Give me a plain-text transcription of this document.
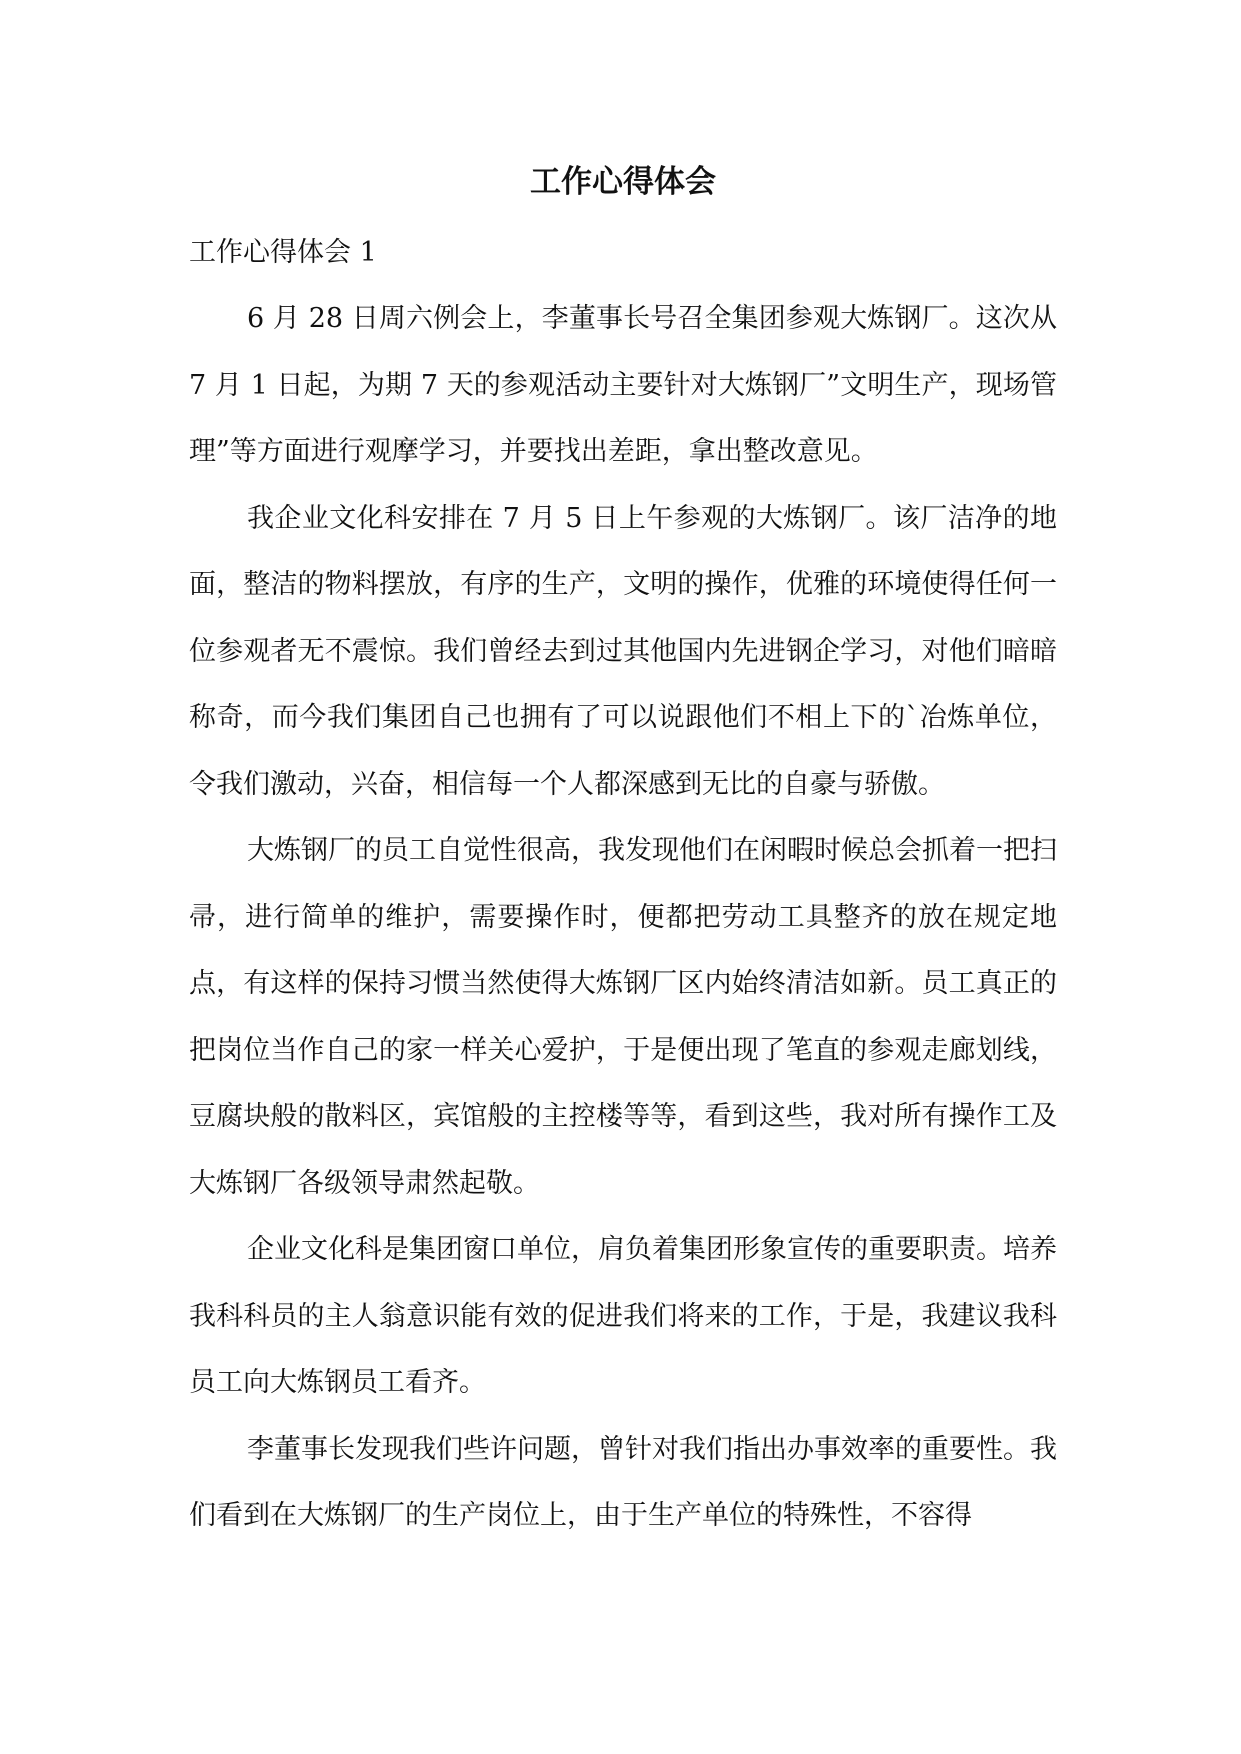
工作心得体会
工作心得体会 1

6 月 28 日周六例会上，李董事长号召全集团参观大炼钢厂。这次从 7 月 1 日起，为期 7 天的参观活动主要针对大炼钢厂”文明生产，现场管理”等方面进行观摩学习，并要找出差距，拿出整改意见。

我企业文化科安排在 7 月 5 日上午参观的大炼钢厂。该厂洁净的地面，整洁的物料摆放，有序的生产，文明的操作，优雅的环境使得任何一位参观者无不震惊。我们曾经去到过其他国内先进钢企学习，对他们暗暗称奇，而今我们集团自己也拥有了可以说跟他们不相上下的`冶炼单位，令我们激动，兴奋，相信每一个人都深感到无比的自豪与骄傲。

大炼钢厂的员工自觉性很高，我发现他们在闲暇时候总会抓着一把扫帚，进行简单的维护，需要操作时，便都把劳动工具整齐的放在规定地点，有这样的保持习惯当然使得大炼钢厂区内始终清洁如新。员工真正的把岗位当作自己的家一样关心爱护，于是便出现了笔直的参观走廊划线，豆腐块般的散料区，宾馆般的主控楼等等，看到这些，我对所有操作工及大炼钢厂各级领导肃然起敬。

企业文化科是集团窗口单位，肩负着集团形象宣传的重要职责。培养我科科员的主人翁意识能有效的促进我们将来的工作，于是，我建议我科员工向大炼钢员工看齐。

李董事长发现我们些许问题，曾针对我们指出办事效率的重要性。我们看到在大炼钢厂的生产岗位上，由于生产单位的特殊性，不容得
